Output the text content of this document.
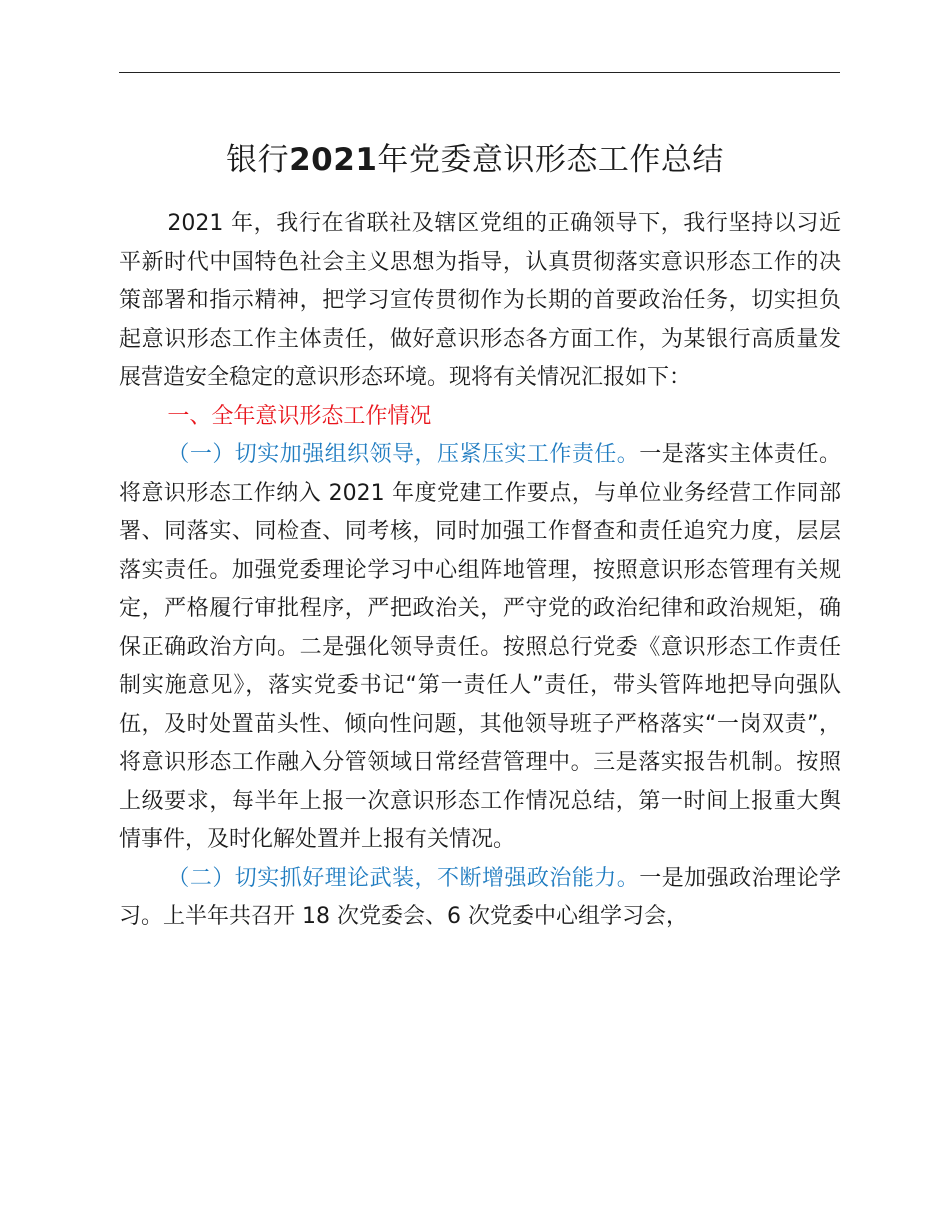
银行2021年党委意识形态工作总结

2021 年，我行在省联社及辖区党组的正确领导下，我行坚持以习近平新时代中国特色社会主义思想为指导，认真贯彻落实意识形态工作的决策部署和指示精神，把学习宣传贯彻作为长期的首要政治任务，切实担负起意识形态工作主体责任，做好意识形态各方面工作，为某银行高质量发展营造安全稳定的意识形态环境。现将有关情况汇报如下：

一、全年意识形态工作情况

（一）切实加强组织领导，压紧压实工作责任。一是落实主体责任。将意识形态工作纳入 2021 年度党建工作要点，与单位业务经营工作同部署、同落实、同检查、同考核，同时加强工作督查和责任追究力度，层层落实责任。加强党委理论学习中心组阵地管理，按照意识形态管理有关规定，严格履行审批程序，严把政治关，严守党的政治纪律和政治规矩，确保正确政治方向。二是强化领导责任。按照总行党委《意识形态工作责任制实施意见》，落实党委书记“第一责任人”责任，带头管阵地把导向强队伍，及时处置苗头性、倾向性问题，其他领导班子严格落实“一岗双责”，将意识形态工作融入分管领域日常经营管理中。三是落实报告机制。按照上级要求，每半年上报一次意识形态工作情况总结，第一时间上报重大舆情事件，及时化解处置并上报有关情况。

（二）切实抓好理论武装，不断增强政治能力。一是加强政治理论学习。上半年共召开 18 次党委会、6 次党委中心组学习会，
